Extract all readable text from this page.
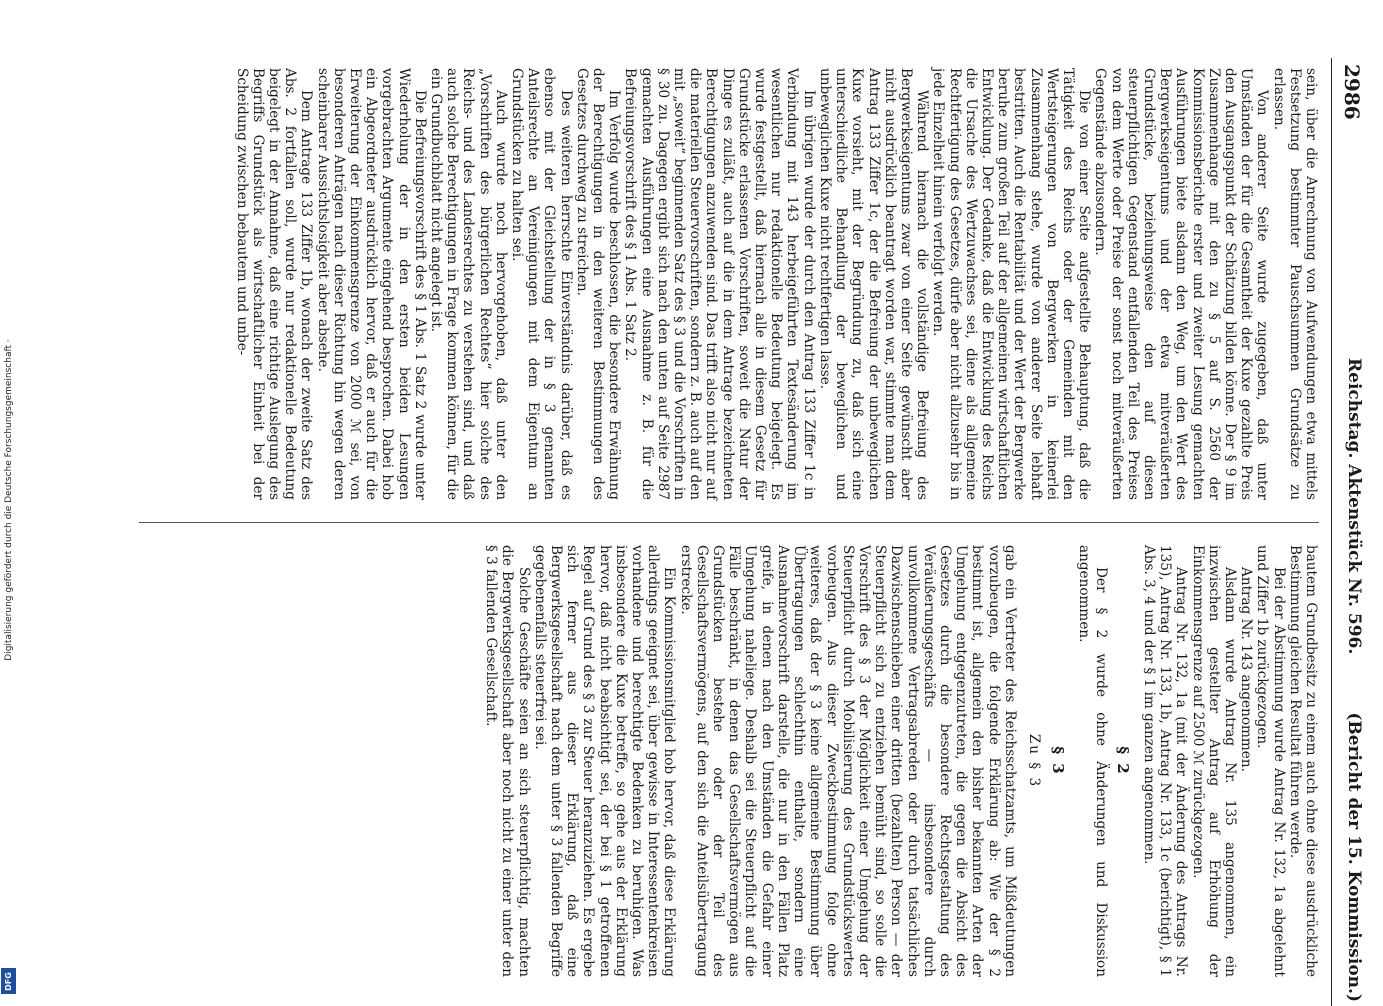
Digitalisierung gefördert durch die Deutsche Forschungsgemeinschaft ·
DFG
2986
Reichstag. Aktenstück Nr. 596.
(Bericht der 15. Kommission.)

sein, über die Anrechnung von Aufwendungen etwa mittels Festsetzung bestimmter Pauschsummen Grundsätze zu erlassen.

Von anderer Seite wurde zugegeben, daß unter Umständen der für die Gesamtheit der Kuxe gezahlte Preis den Ausgangspunkt der Schätzung bilden könne. Der § 9 im Zusammenhange mit den zu § 5 auf S. 2560 der Kommissionsberichte erster und zweiter Lesung gemachten Ausführungen biete alsdann den Weg, um den Wert des Bergwerkseigentums und der etwa mitveräußerten Grundstücke, beziehungsweise den auf diesen steuerpflichtigen Gegenstand entfallenden Teil des Preises von dem Werte oder Preise der sonst noch mitveräußerten Gegenstände abzusondern.

Die von einer Seite aufgestellte Behauptung, daß die Tätigkeit des Reichs oder der Gemeinden mit den Wertsteigerungen von Bergwerken in keinerlei Zusammenhang stehe, wurde von anderer Seite lebhaft bestritten. Auch die Rentabilität und der Wert der Bergwerke beruhe zum großen Teil auf der allgemeinen wirtschaftlichen Entwicklung. Der Gedanke, daß die Entwicklung des Reichs die Ursache des Wertzuwachses sei, diene als allgemeine Rechtfertigung des Gesetzes, dürfe aber nicht allzusehr bis in jede Einzelheit hinein verfolgt werden.

Während hiernach die vollständige Befreiung des Bergwerkseigentums zwar von einer Seite gewünscht aber nicht ausdrücklich beantragt worden war, stimmte man dem Antrag 133 Ziffer 1c, der die Befreiung der unbeweglichen Kuxe vorsieht, mit der Begründung zu, daß sich eine unterschiedliche Behandlung der beweglichen und unbeweglichen Kuxe nicht rechtfertigen lasse.

Im übrigen wurde der durch den Antrag 133 Ziffer 1c in Verbindung mit 143 herbeigeführten Textesänderung im wesentlichen nur redaktionelle Bedeutung beigelegt. Es wurde festgestellt, daß hiernach alle in diesem Gesetz für Grundstücke erlassenen Vorschriften, soweit die Natur der Dinge es zuläßt, auch auf die in dem Antrage bezeichneten Berechtigungen anzuwenden sind. Das trifft also nicht nur auf die materiellen Steuervorschriften, sondern z. B. auch auf den mit „soweit“ beginnenden Satz des § 3 und die Vorschriften in § 30 zu. Dagegen ergibt sich nach den unten auf Seite 2987 gemachten Ausführungen eine Ausnahme z. B. für die Befreiungsvorschrift des § 1 Abs. 1 Satz 2.

Im Verfolg wurde beschlossen, die besondere Erwähnung der Berechtigungen in den weiteren Bestimmungen des Gesetzes durchweg zu streichen.

Des weiteren herrschte Einverständnis darüber, daß es ebenso mit der Gleichstellung der in § 3 genannten Anteilsrechte an Vereinigungen mit dem Eigentum an Grundstücken zu halten sei.

Auch wurde noch hervorgehoben, daß unter den „Vorschriften des bürgerlichen Rechtes“ hier solche des Reichs- und des Landesrechtes zu verstehen sind, und daß auch solche Berechtigungen in Frage kommen können, für die ein Grundbuchblatt nicht angelegt ist.

Die Befreiungsvorschrift des § 1 Abs. 1 Satz 2 wurde unter Wiederholung der in den ersten beiden Lesungen vorgebrachten Argumente eingehend besprochen. Dabei hob ein Abgeordneter ausdrücklich hervor, daß er auch für die Erweiterung der Einkommensgrenze von 2000 ℳ sei, von besonderen Anträgen nach dieser Richtung hin wegen deren scheinbarer Aussichtslosigkeit aber absehe.

Dem Antrage 133 Ziffer 1b, wonach der zweite Satz des Abs. 2 fortfallen soll, wurde nur redaktionelle Bedeutung beigelegt in der Annahme, daß eine richtige Auslegung des Begriffs Grundstück als wirtschaftlicher Einheit bei der Scheidung zwischen bebautem und unbe-

bautem Grundbesitz zu einem auch ohne diese ausdrückliche Bestimmung gleichen Resultat führen werde.

Bei der Abstimmung wurde Antrag Nr. 132, 1a abgelehnt und Ziffer 1b zurückgezogen.

Antrag Nr. 143 angenommen.

Alsdann wurde Antrag Nr. 135 angenommen, ein inzwischen gestellter Antrag auf Erhöhung der Einkommensgrenze auf 2500 ℳ zurückgezogen.

Antrag Nr. 132, 1a (mit der Änderung des Antrags Nr. 135), Antrag Nr. 133, 1b, Antrag Nr. 133, 1c (berichtigt), § 1 Abs. 3, 4 und der § 1 im ganzen angenommen.

§ 2

Der § 2 wurde ohne Änderungen und Diskussion angenommen.

§ 3
Zu § 3

gab ein Vertreter des Reichsschatzamts, um Mißdeutungen vorzubeugen, die folgende Erklärung ab: Wie der § 2 bestimmt ist, allgemein den bisher bekannten Arten der Umgehung entgegenzutreten, die gegen die Absicht des Gesetzes durch die besondere Rechtsgestaltung des Veräußerungsgeschäfts — insbesondere durch unvollkommene Vertragsabreden oder durch tatsächliches Dazwischenschieben einer dritten (bezahlten) Person — der Steuerpflicht sich zu entziehen bemüht sind, so solle die Vorschrift des § 3 der Möglichkeit einer Umgehung der Steuerpflicht durch Mobilisierung des Grundstückswertes vorbeugen. Aus dieser Zweckbestimmung folge ohne weiteres, daß der § 3 keine allgemeine Bestimmung über Übertragungen schlechthin enthalte, sondern eine Ausnahmevorschrift darstelle, die nur in den Fällen Platz greife, in denen nach den Umständen die Gefahr einer Umgehung naheliege. Deshalb sei die Steuerpflicht auf die Fälle beschränkt, in denen das Gesellschaftsvermögen aus Grundstücken bestehe oder der Teil des Gesellschaftsvermögens, auf den sich die Anteilsübertragung erstrecke.

Ein Kommissionsmitglied hob hervor, daß diese Erklärung allerdings geeignet sei, über gewisse in Interessentenkreisen vorhandene und berechtigte Bedenken zu beruhigen. Was insbesondere die Kuxe betreffe, so gehe aus der Erklärung hervor, daß nicht beabsichtigt sei, der bei § 1 getroffenen Regel auf Grund des § 3 zur Steuer heranzuziehen. Es ergebe sich ferner aus dieser Erklärung, daß eine Bergwerksgesellschaft nach dem unter § 3 fallenden Begriffe gegebenenfalls steuerfrei sei.

Solche Geschäfte seien an sich steuerpflichtig, machten die Bergwerksgesellschaft aber noch nicht zu einer unter den § 3 fallenden Gesellschaft.
